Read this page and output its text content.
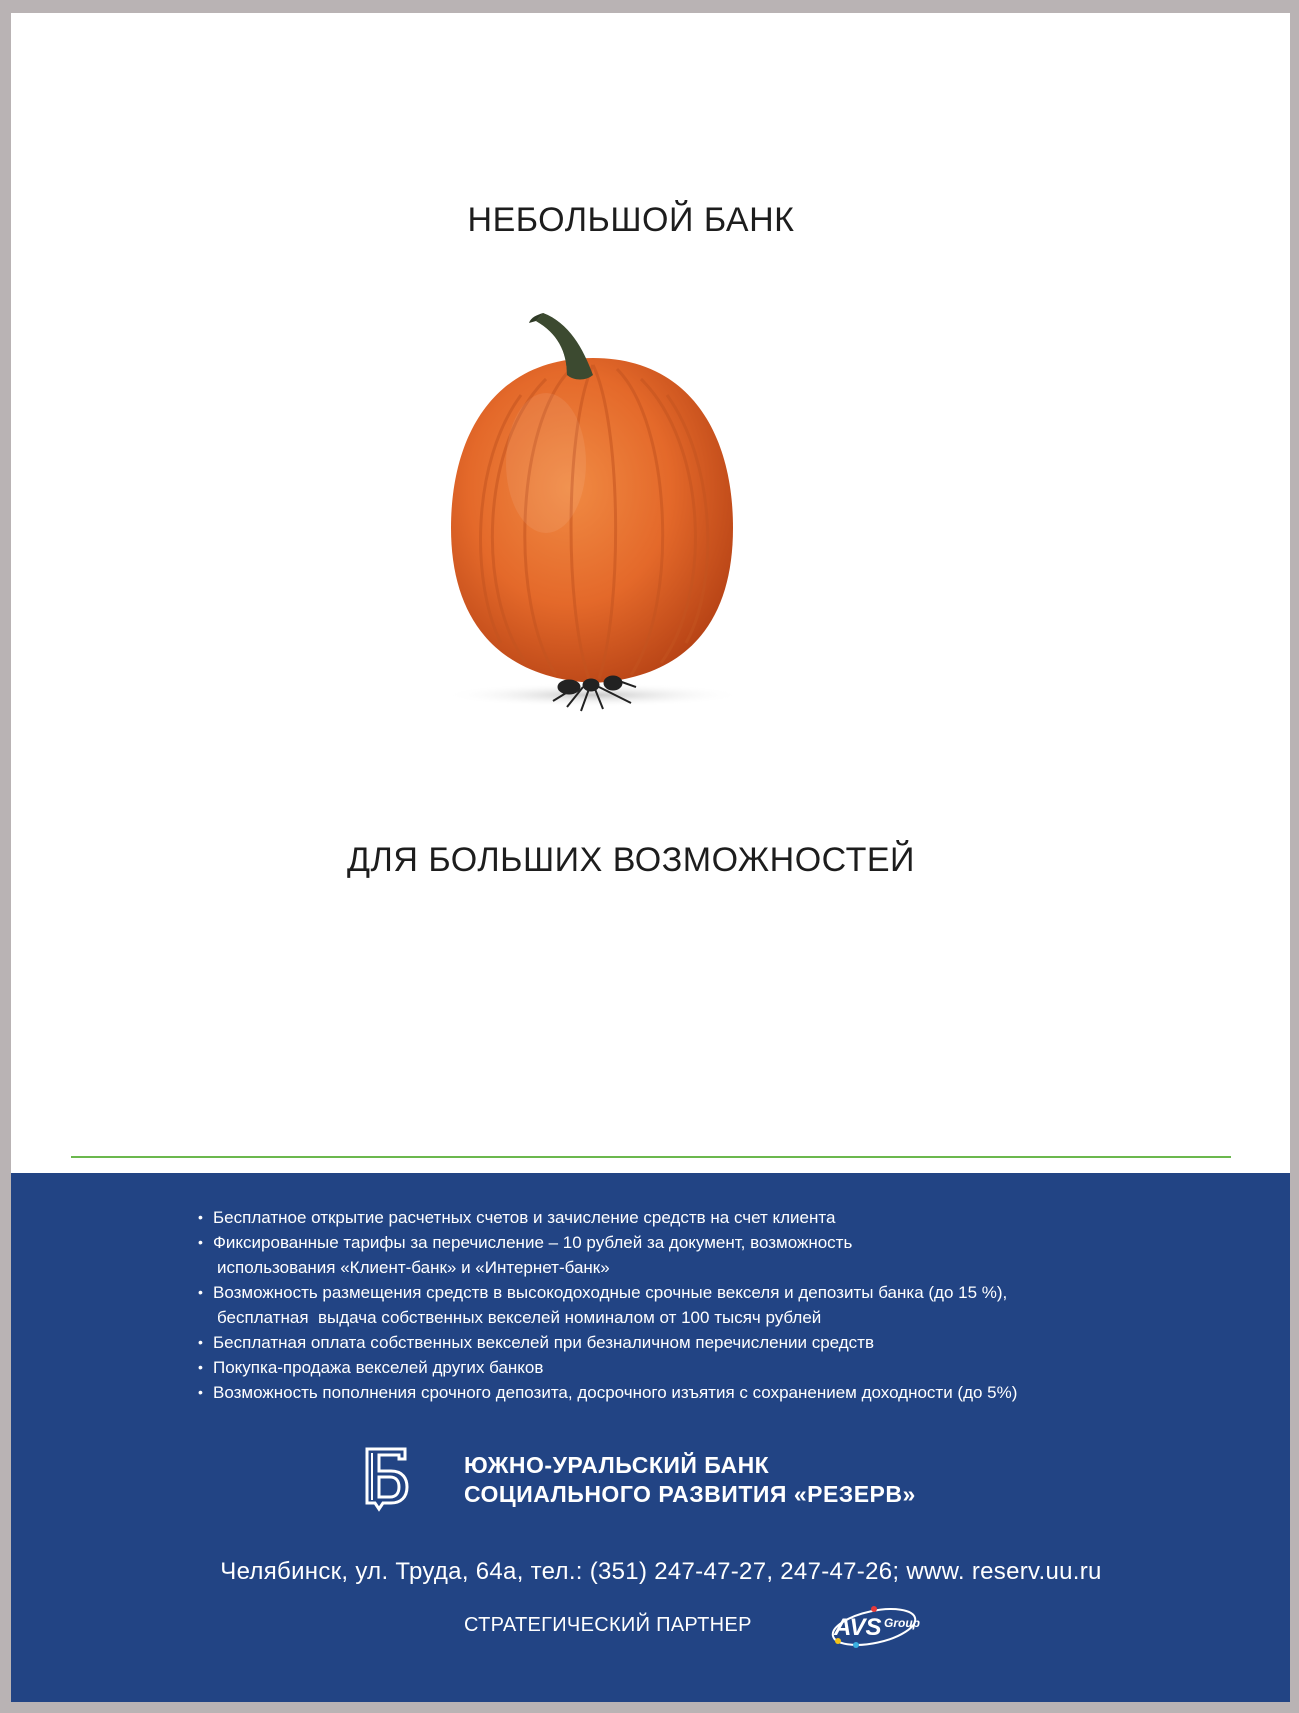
НЕБОЛЬШОЙ БАНК
ДЛЯ БОЛЬШИХ ВОЗМОЖНОСТЕЙ
• Бесплатное открытие расчетных счетов и зачисление средств на счет клиента
• Фиксированные тарифы за перечисление – 10 рублей за документ, возможность
использования «Клиент-банк» и «Интернет-банк»
• Возможность размещения средств в высокодоходные срочные векселя и депозиты банка (до 15 %),
бесплатная  выдача собственных векселей номиналом от 100 тысяч рублей
• Бесплатная оплата собственных векселей при безналичном перечислении средств
• Покупка-продажа векселей других банков
• Возможность пополнения срочного депозита, досрочного изъятия с сохранением доходности (до 5%)
ЮЖНО-УРАЛЬСКИЙ БАНК
СОЦИАЛЬНОГО РАЗВИТИЯ «РЕЗЕРВ»
Челябинск, ул. Труда, 64а, тел.: (351) 247-47-27, 247-47-26; www. reserv.uu.ru
СТРАТЕГИЧЕСКИЙ ПАРТНЕР	AVS Group
